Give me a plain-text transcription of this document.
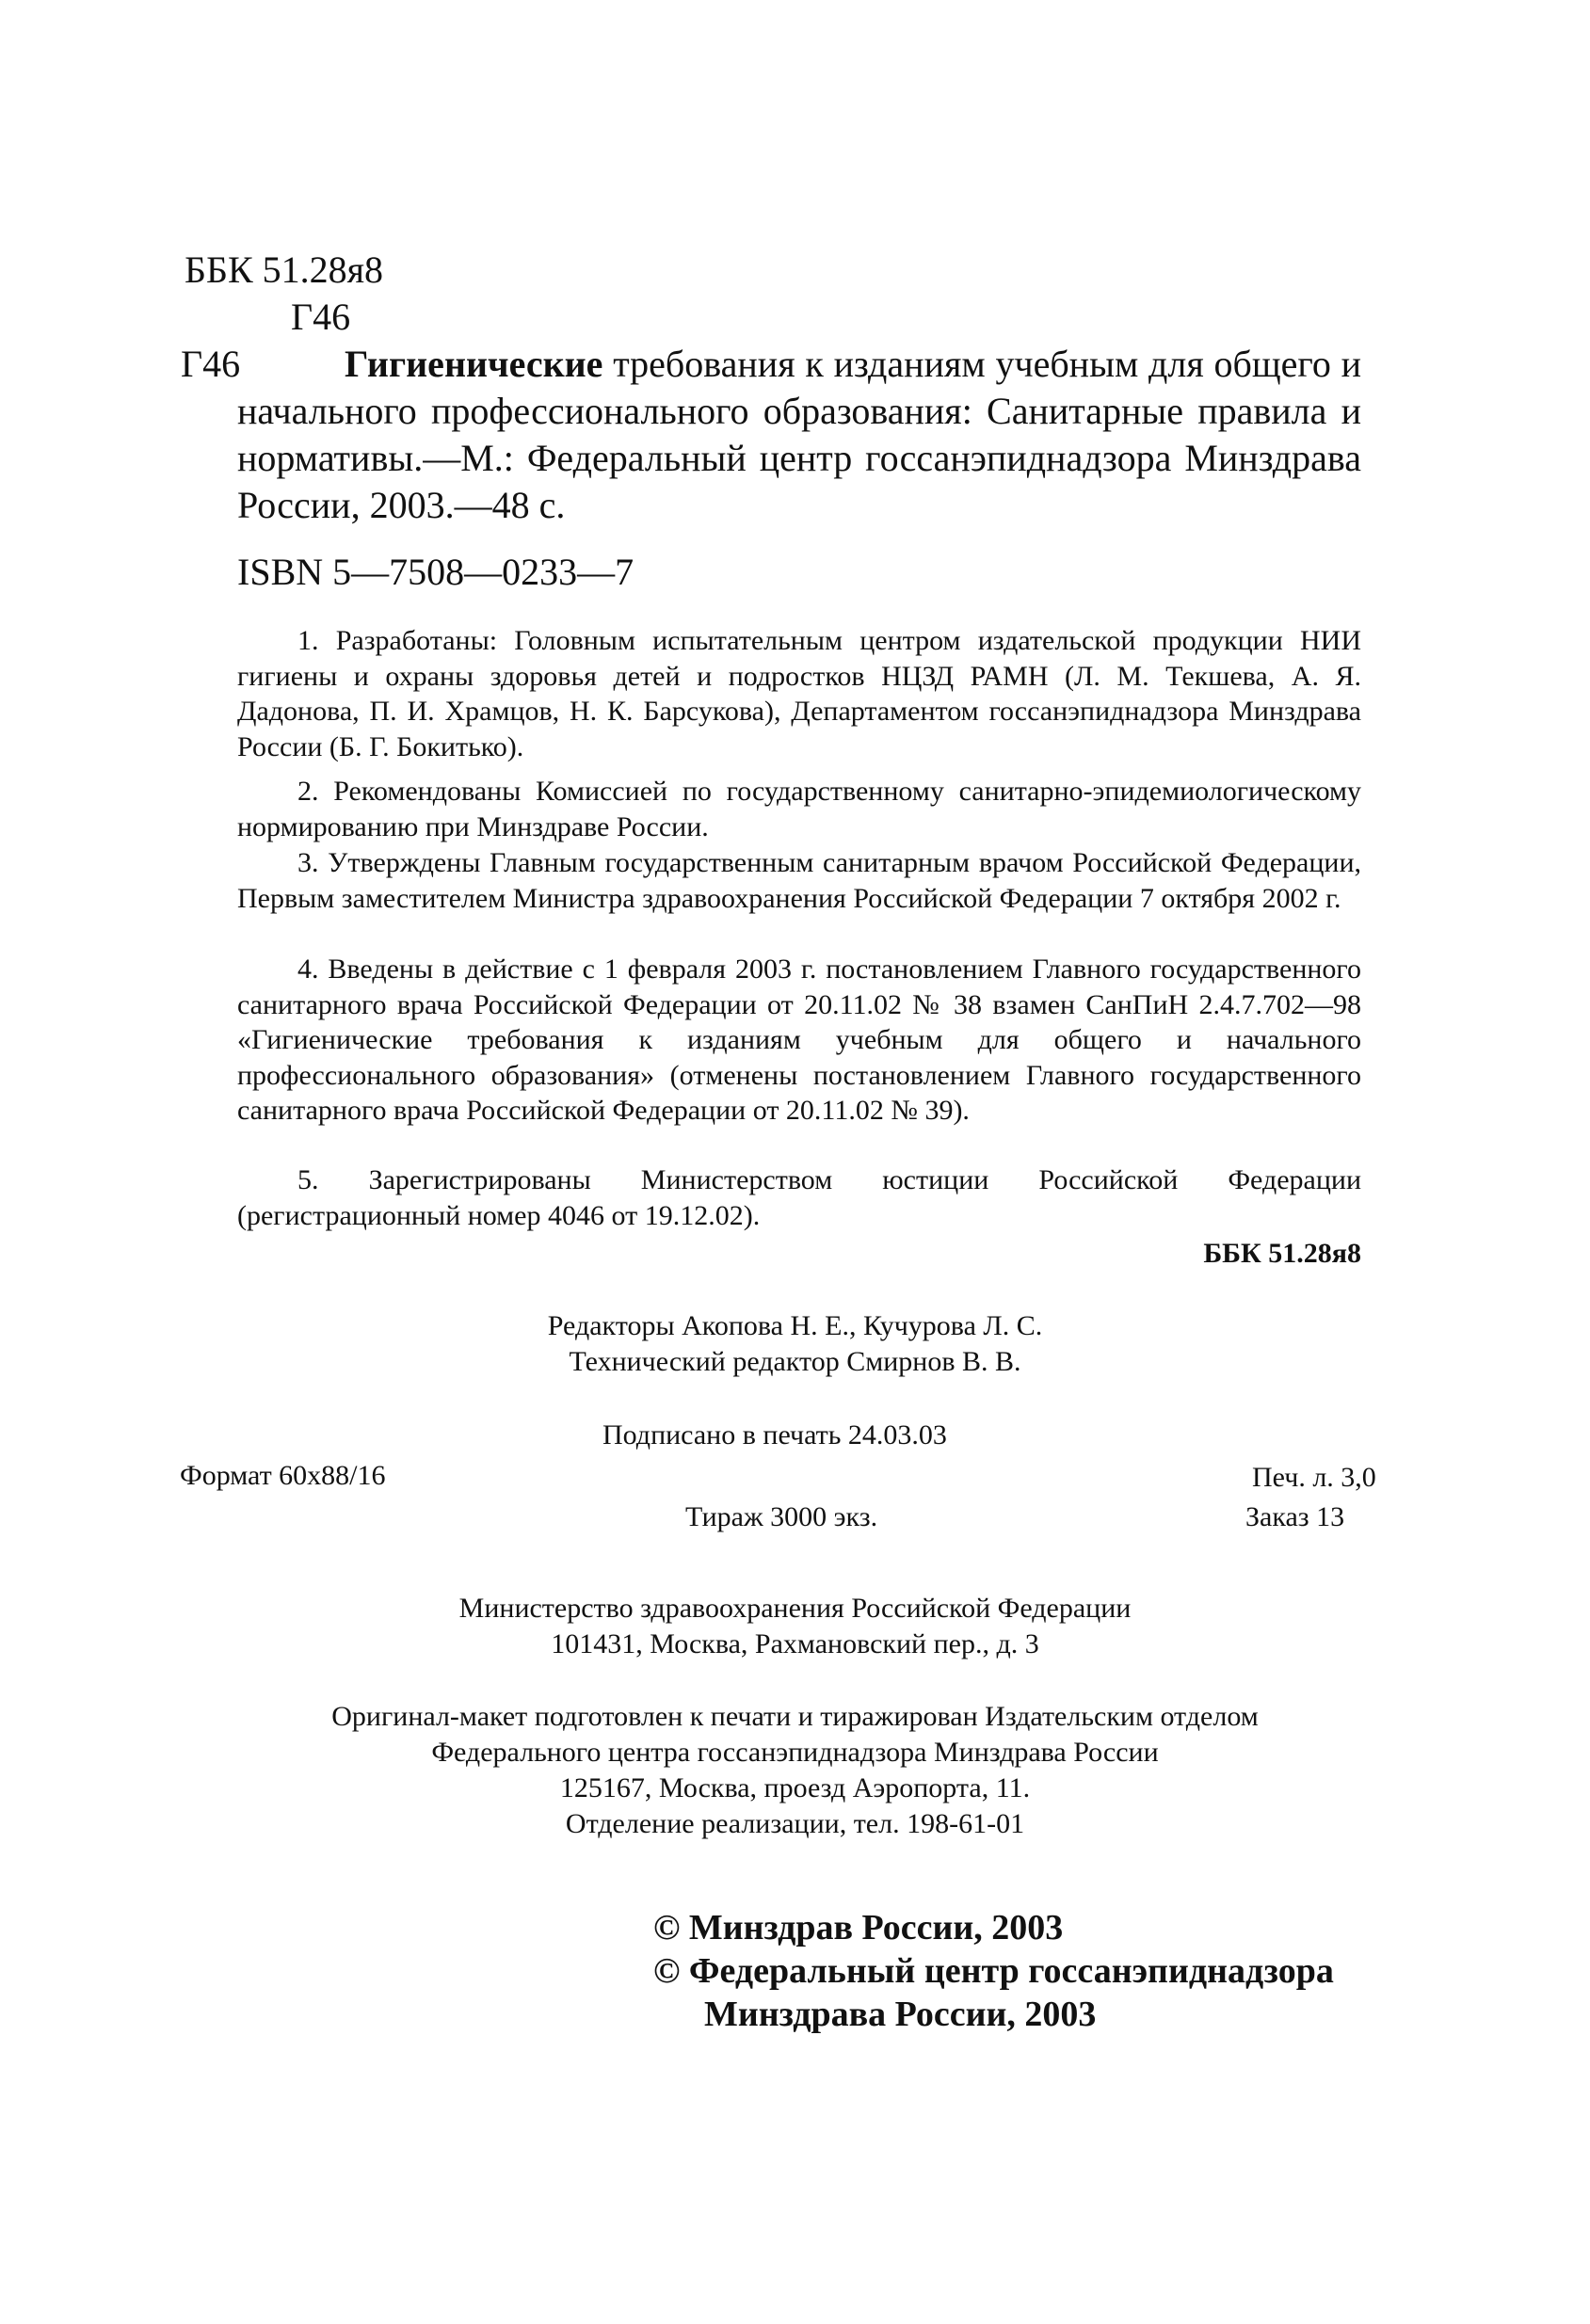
ББК 51.28я8
Г46
Г46	Гигиенические требования к изданиям учебным для общего и начального профессионального образования: Санитарные правила и нормативы.—М.: Федеральный центр госсанэпиднадзора Минздрава России, 2003.—48 с.
ISBN 5—7508—0233—7
1. Разработаны: Головным испытательным центром издательской продукции НИИ гигиены и охраны здоровья детей и подростков НЦЗД РАМН (Л. М. Текшева, А. Я. Дадонова, П. И. Храмцов, Н. К. Барсукова), Департаментом госсанэпиднадзора Минздрава России (Б. Г. Бокитько).
2. Рекомендованы Комиссией по государственному санитарно-эпидемиологическому нормированию при Минздраве России.
3. Утверждены Главным государственным санитарным врачом Российской Федерации, Первым заместителем Министра здравоохранения Российской Федерации 7 октября 2002 г.
4. Введены в действие с 1 февраля 2003 г. постановлением Главного государственного санитарного врача Российской Федерации от 20.11.02 № 38 взамен СанПиН 2.4.7.702—98 «Гигиенические требования к изданиям учебным для общего и начального профессионального образования» (отменены постановлением Главного государственного санитарного врача Российской Федерации от 20.11.02 № 39).
5. Зарегистрированы Министерством юстиции Российской Федерации (регистрационный номер 4046 от 19.12.02).
ББК 51.28я8
Редакторы Акопова Н. Е., Кучурова Л. С.
Технический редактор Смирнов В. В.
Подписано в печать 24.03.03
Формат 60x88/16	Печ. л. 3,0
Тираж 3000 экз.	Заказ 13
Министерство здравоохранения Российской Федерации
101431, Москва, Рахмановский пер., д. 3
Оригинал-макет подготовлен к печати и тиражирован Издательским отделом
Федерального центра госсанэпиднадзора Минздрава России
125167, Москва, проезд Аэропорта, 11.
Отделение реализации, тел. 198-61-01
© Минздрав России, 2003
© Федеральный центр госсанэпиднадзора
Минздрава России, 2003
